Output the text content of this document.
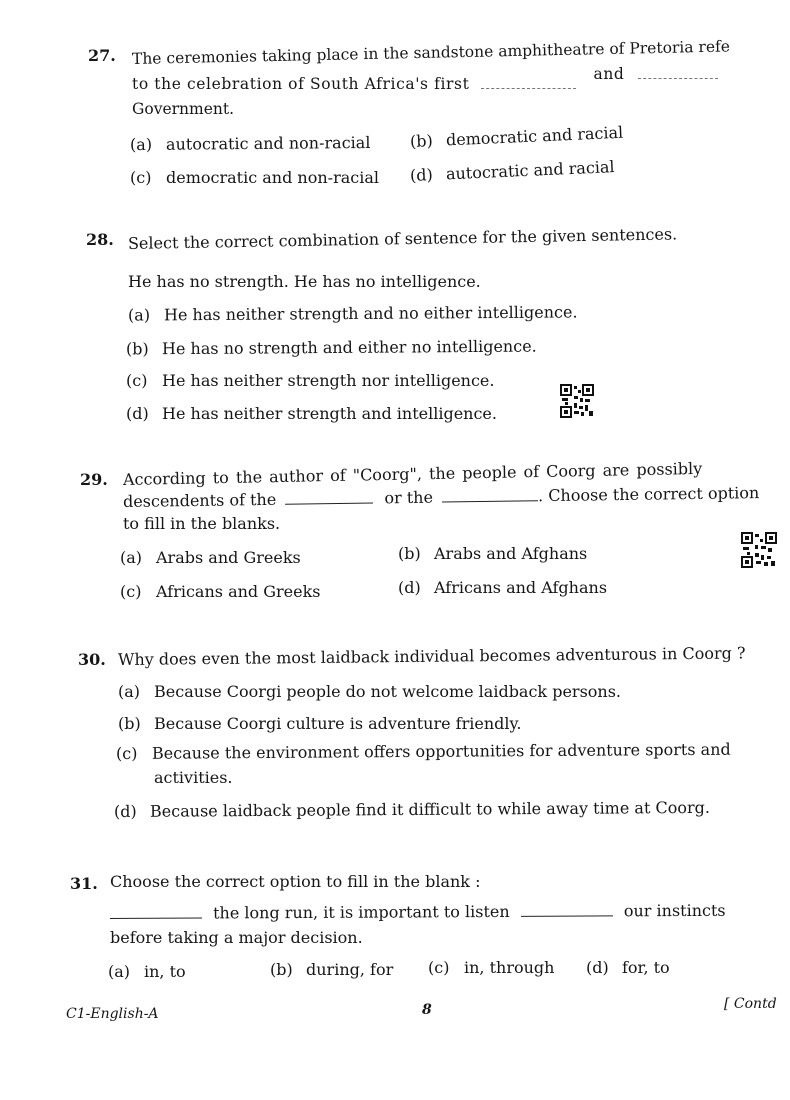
27. The ceremonies taking place in the sandstone amphitheatre of Pretoria refe
to the celebration of South Africa's first  and
Government.
(a) autocratic and non-racial (b) democratic and racial
(c) democratic and non-racial (d) autocratic and racial
28. Select the correct combination of sentence for the given sentences.
He has no strength. He has no intelligence.
(a) He has neither strength and no either intelligence.
(b) He has no strength and either no intelligence.
(c) He has neither strength nor intelligence.
(d) He has neither strength and intelligence.
29. According to the author of "Coorg", the people of Coorg are possibly
descendents of the	or the	. Choose the correct option
to fill in the blanks.
(a) Arabs and Greeks	(b) Arabs and Afghans
(c) Africans and Greeks	(d) Africans and Afghans
30. Why does even the most laidback individual becomes adventurous in Coorg ?
(a) Because Coorgi people do not welcome laidback persons.
(b) Because Coorgi culture is adventure friendly.
(c) Because the environment offers opportunities for adventure sports and
activities.
(d) Because laidback people find it difficult to while away time at Coorg.
31. Choose the correct option to fill in the blank :
the long run, it is important to listen	our instincts
before taking a major decision.
(a) in, to	(b) during, for (c) in, through (d) for, to
C1-English-A	8	[ Contd
